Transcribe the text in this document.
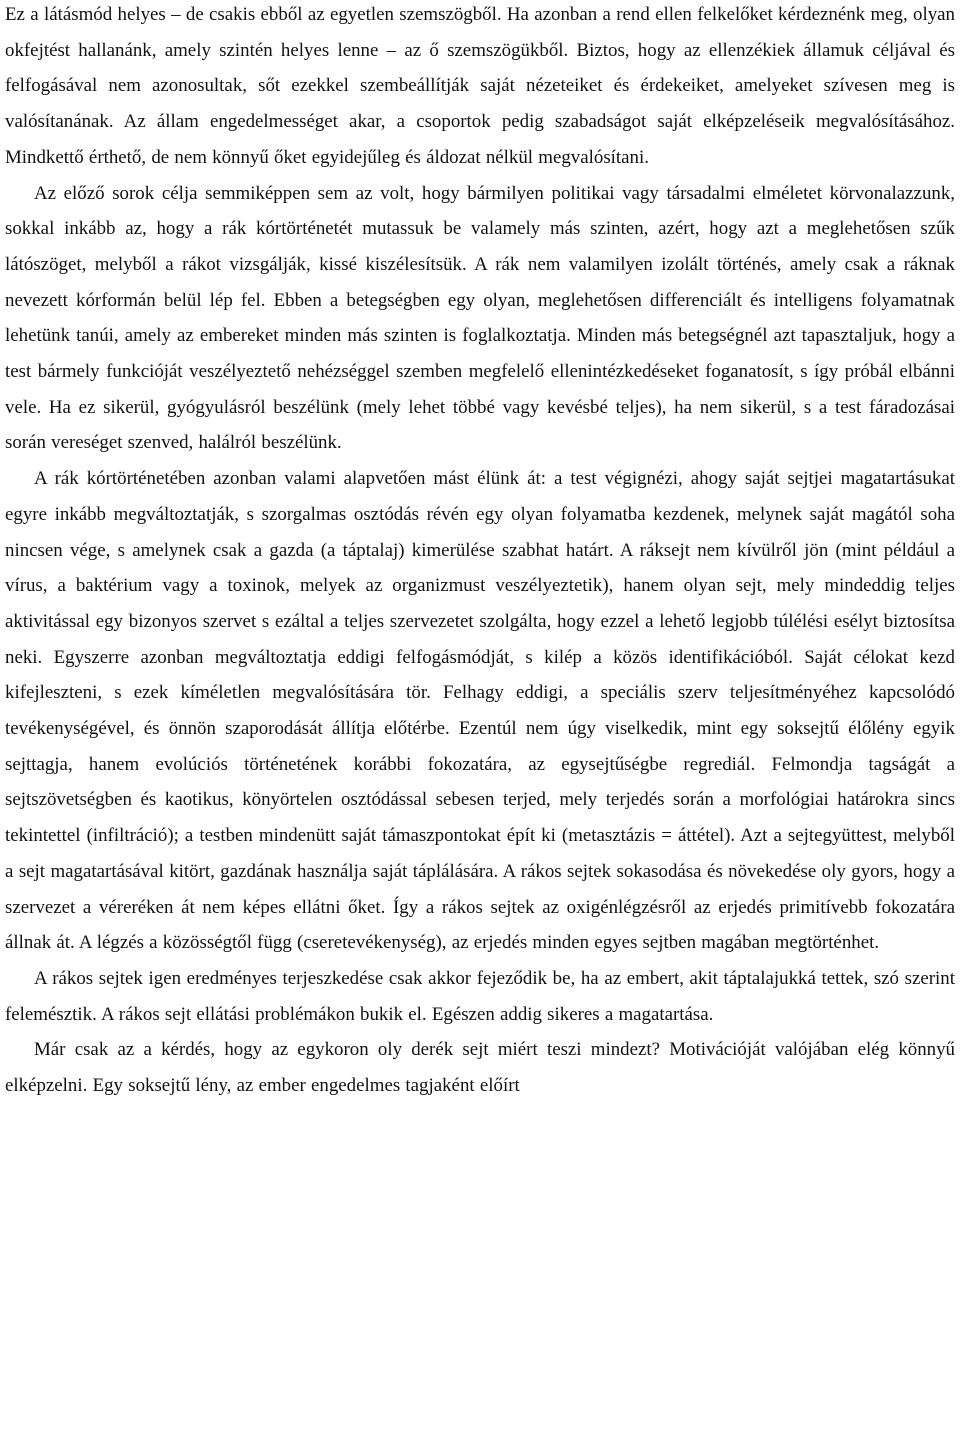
Ez a látásmód helyes – de csakis ebből az egyetlen szemszögből. Ha azonban a rend ellen felkelőket kérdeznénk meg, olyan okfejtést hallanánk, amely szintén helyes lenne – az ő szemszögükből. Biztos, hogy az ellenzékiek államuk céljával és felfogásával nem azonosultak, sőt ezekkel szembeállítják saját nézeteiket és érdekeiket, amelyeket szívesen meg is valósítanának. Az állam engedelmességet akar, a csoportok pedig szabadságot saját elképzeléseik megvalósításához. Mindkettő érthető, de nem könnyű őket egyidejűleg és áldozat nélkül megvalósítani.

Az előző sorok célja semmiképpen sem az volt, hogy bármilyen politikai vagy társadalmi elméletet körvonalazzunk, sokkal inkább az, hogy a rák kórtörténetét mutassuk be valamely más szinten, azért, hogy azt a meglehetősen szűk látószöget, melyből a rákot vizsgálják, kissé kiszélesítsük. A rák nem valamilyen izolált történés, amely csak a ráknak nevezett kórformán belül lép fel. Ebben a betegségben egy olyan, meglehetősen differenciált és intelligens folyamatnak lehetünk tanúi, amely az embereket minden más szinten is foglalkoztatja. Minden más betegségnél azt tapasztaljuk, hogy a test bármely funkcióját veszélyeztető nehézséggel szemben megfelelő ellenintézkedéseket foganatosít, s így próbál elbánni vele. Ha ez sikerül, gyógyulásról beszélünk (mely lehet többé vagy kevésbé teljes), ha nem sikerül, s a test fáradozásai során vereséget szenved, halálról beszélünk.

A rák kórtörténetében azonban valami alapvetően mást élünk át: a test végignézi, ahogy saját sejtjei magatartásukat egyre inkább megváltoztatják, s szorgalmas osztódás révén egy olyan folyamatba kezdenek, melynek saját magától soha nincsen vége, s amelynek csak a gazda (a táptalaj) kimerülése szabhat határt. A ráksejt nem kívülről jön (mint például a vírus, a baktérium vagy a toxinok, melyek az organizmust veszélyeztetik), hanem olyan sejt, mely mindeddig teljes aktivitással egy bizonyos szervet s ezáltal a teljes szervezetet szolgálta, hogy ezzel a lehető legjobb túlélési esélyt biztosítsa neki. Egyszerre azonban megváltoztatja eddigi felfogásmódját, s kilép a közös identifikációból. Saját célokat kezd kifejleszteni, s ezek kíméletlen megvalósítására tör. Felhagy eddigi, a speciális szerv teljesítményéhez kapcsolódó tevékenységével, és önnön szaporodását állítja előtérbe. Ezentúl nem úgy viselkedik, mint egy soksejtű élőlény egyik sejttagja, hanem evolúciós történetének korábbi fokozatára, az egysejtűségbe regrediál. Felmondja tagságát a sejtszövetségben és kaotikus, könyörtelen osztódással sebesen terjed, mely terjedés során a morfológiai határokra sincs tekintettel (infiltráció); a testben mindenütt saját támaszpontokat épít ki (metasztázis = áttétel). Azt a sejtegyüttest, melyből a sejt magatartásával kitört, gazdának használja saját táplálására. A rákos sejtek sokasodása és növekedése oly gyors, hogy a szervezet a véreréken át nem képes ellátni őket. Így a rákos sejtek az oxigénlégzésről az erjedés primitívebb fokozatára állnak át. A légzés a közösségtől függ (cseretevékenység), az erjedés minden egyes sejtben magában megtörténhet.

A rákos sejtek igen eredményes terjeszkedése csak akkor fejeződik be, ha az embert, akit táptalajukká tettek, szó szerint felemésztik. A rákos sejt ellátási problémákon bukik el. Egészen addig sikeres a magatartása.

Már csak az a kérdés, hogy az egykoron oly derék sejt miért teszi mindezt? Motivációját valójában elég könnyű elképzelni. Egy soksejtű lény, az ember engedelmes tagjaként előírt
